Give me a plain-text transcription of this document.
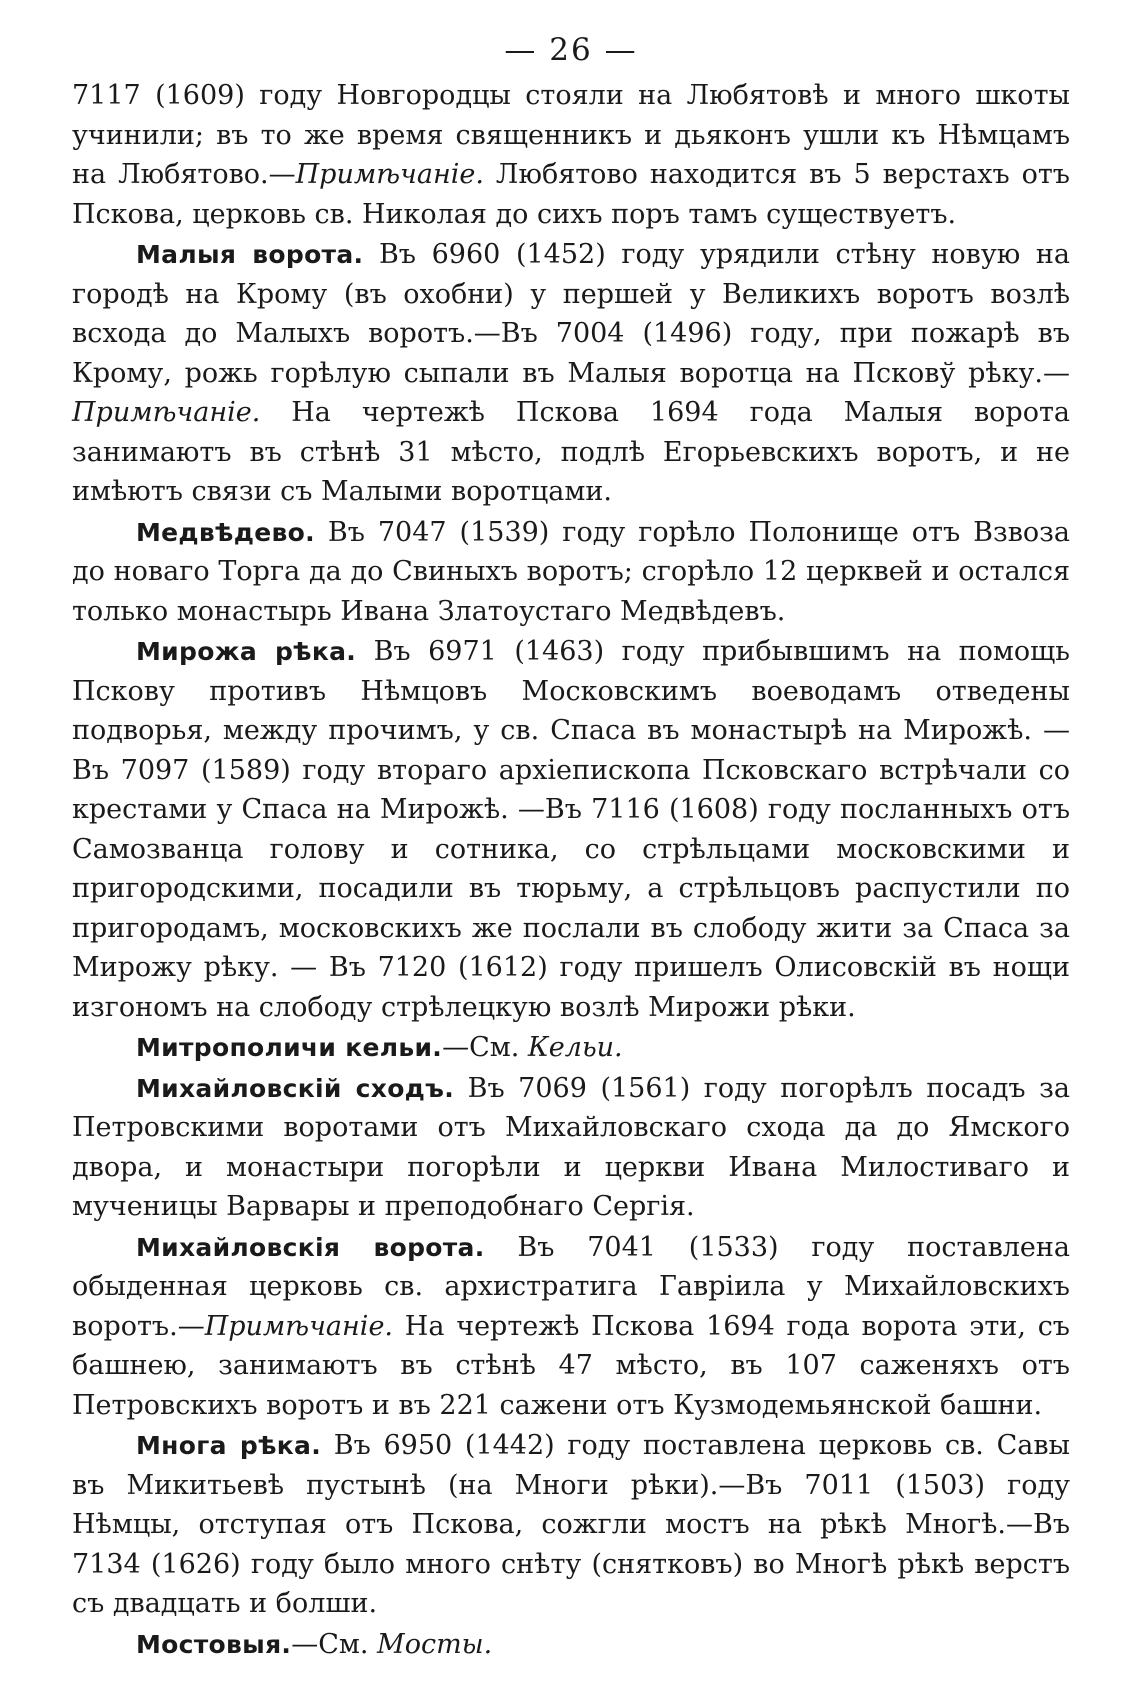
— 26 —

7117 (1609) году Новгородцы стояли на Любятовѣ и много шкоты учинили; въ то же время священникъ и дьяконъ ушли къ Нѣмцамъ на Любятово.—Примѣчаніе. Любятово находится въ 5 верстахъ отъ Пскова, церковь св. Николая до сихъ поръ тамъ существуетъ.

Малыя ворота. Въ 6960 (1452) году урядили стѣну новую на городѣ на Крому (въ охобни) у першей у Великихъ воротъ возлѣ всхода до Малыхъ воротъ.—Въ 7004 (1496) году, при пожарѣ въ Крому, рожь горѣлую сыпали въ Малыя воротца на Псковў рѣку.—Примѣчаніе. На чертежѣ Пскова 1694 года Малыя ворота занимаютъ въ стѣнѣ 31 мѣсто, подлѣ Егорьевскихъ воротъ, и не имѣютъ связи съ Малыми воротцами.

Медвѣдево. Въ 7047 (1539) году горѣло Полонище отъ Взвоза до новаго Торга да до Свиныхъ воротъ; сгорѣло 12 церквей и остался только монастырь Ивана Златоустаго Медвѣдевъ.

Мирожа рѣка. Въ 6971 (1463) году прибывшимъ на помощь Пскову противъ Нѣмцовъ Московскимъ воеводамъ отведены подворья, между прочимъ, у св. Спаса въ монастырѣ на Мирожѣ. — Въ 7097 (1589) году втораго архіепископа Псковскаго встрѣчали со крестами у Спаса на Мирожѣ. —Въ 7116 (1608) году посланныхъ отъ Самозванца голову и сотника, со стрѣльцами московскими и пригородскими, посадили въ тюрьму, а стрѣльцовъ распустили по пригородамъ, московскихъ же послали въ слободу жити за Спаса за Мирожу рѣку. — Въ 7120 (1612) году пришелъ Олисовскій въ нощи изгономъ на слободу стрѣлецкую возлѣ Мирожи рѣки.

Митрополичи кельи.—См. Кельи.

Михайловскій сходъ. Въ 7069 (1561) году погорѣлъ посадъ за Петровскими воротами отъ Михайловскаго схода да до Ямского двора, и монастыри погорѣли и церкви Ивана Милостиваго и мученицы Варвары и преподобнаго Сергія.

Михайловскія ворота. Въ 7041 (1533) году поставлена обыденная церковь св. архистратига Гавріила у Михайловскихъ воротъ.—Примѣчаніе. На чертежѣ Пскова 1694 года ворота эти, съ башнею, занимаютъ въ стѣнѣ 47 мѣсто, въ 107 саженяхъ отъ Петровскихъ воротъ и въ 221 сажени отъ Кузмодемьянской башни.

Многа рѣка. Въ 6950 (1442) году поставлена церковь св. Савы въ Микитьевѣ пустынѣ (на Многи рѣки).—Въ 7011 (1503) году Нѣмцы, отступая отъ Пскова, сожгли мостъ на рѣкѣ Многѣ.—Въ 7134 (1626) году было много снѣту (снятковъ) во Многѣ рѣкѣ верстъ съ двадцать и болши.

Мостовыя.—См. Мосты.
